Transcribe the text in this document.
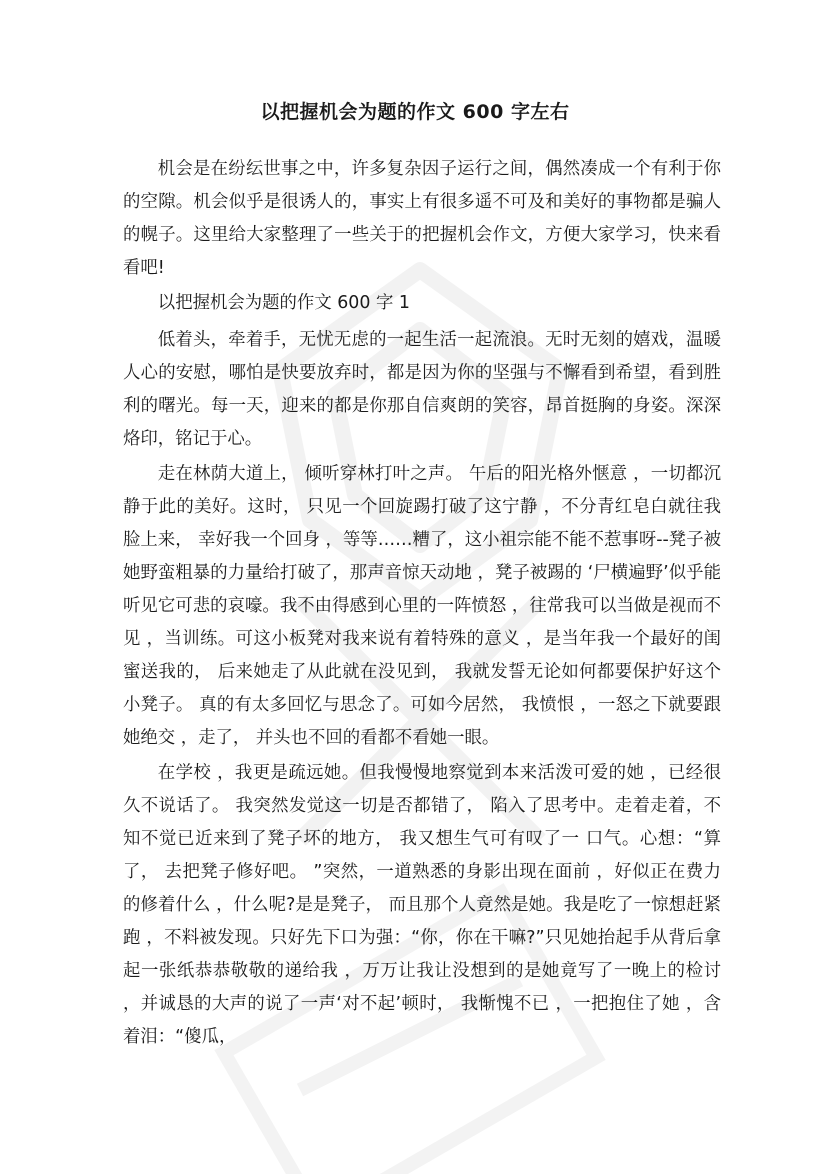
以把握机会为题的作文 600 字左右

机会是在纷纭世事之中，许多复杂因子运行之间，偶然凑成一个有利于你的空隙。机会似乎是很诱人的，事实上有很多遥不可及和美好的事物都是骗人的幌子。这里给大家整理了一些关于的把握机会作文，方便大家学习，快来看看吧!

以把握机会为题的作文 600 字 1

低着头，牵着手，无忧无虑的一起生活一起流浪。无时无刻的嬉戏，温暖人心的安慰，哪怕是快要放弃时，都是因为你的坚强与不懈看到希望，看到胜利的曙光。每一天，迎来的都是你那自信爽朗的笑容，昂首挺胸的身姿。深深烙印，铭记于心。

走在林荫大道上， 倾听穿林打叶之声。 午后的阳光格外惬意 ，一切都沉静于此的美好。这时， 只见一个回旋踢打破了这宁静 ，不分青红皂白就往我脸上来， 幸好我一个回身 ，等等……糟了，这小祖宗能不能不惹事呀--凳子被她野蛮粗暴的力量给打破了，那声音惊天动地 ，凳子被踢的 ‘尸横遍野’似乎能听见它可悲的哀嚎。我不由得感到心里的一阵愤怒 ，往常我可以当做是视而不见 ，当训练。可这小板凳对我来说有着特殊的意义 ，是当年我一个最好的闺蜜送我的， 后来她走了从此就在没见到， 我就发誓无论如何都要保护好这个小凳子。 真的有太多回忆与思念了。可如今居然， 我愤恨 ，一怒之下就要跟她绝交 ，走了， 并头也不回的看都不看她一眼。

在学校 ，我更是疏远她。但我慢慢地察觉到本来活泼可爱的她 ，已经很久不说话了。 我突然发觉这一切是否都错了， 陷入了思考中。走着走着，不知不觉已近来到了凳子坏的地方， 我又想生气可有叹了一 口气。心想：“算了， 去把凳子修好吧。 ”突然，一道熟悉的身影出现在面前 ，好似正在费力的修着什么 ，什么呢?是是凳子， 而且那个人竟然是她。我是吃了一惊想赶紧跑 ，不料被发现。只好先下口为强：“你，你在干嘛?”只见她抬起手从背后拿起一张纸恭恭敬敬的递给我 ，万万让我让没想到的是她竟写了一晚上的检讨 ，并诚恳的大声的说了一声‘对不起’顿时， 我惭愧不已 ，一把抱住了她 ，含着泪：“傻瓜，
